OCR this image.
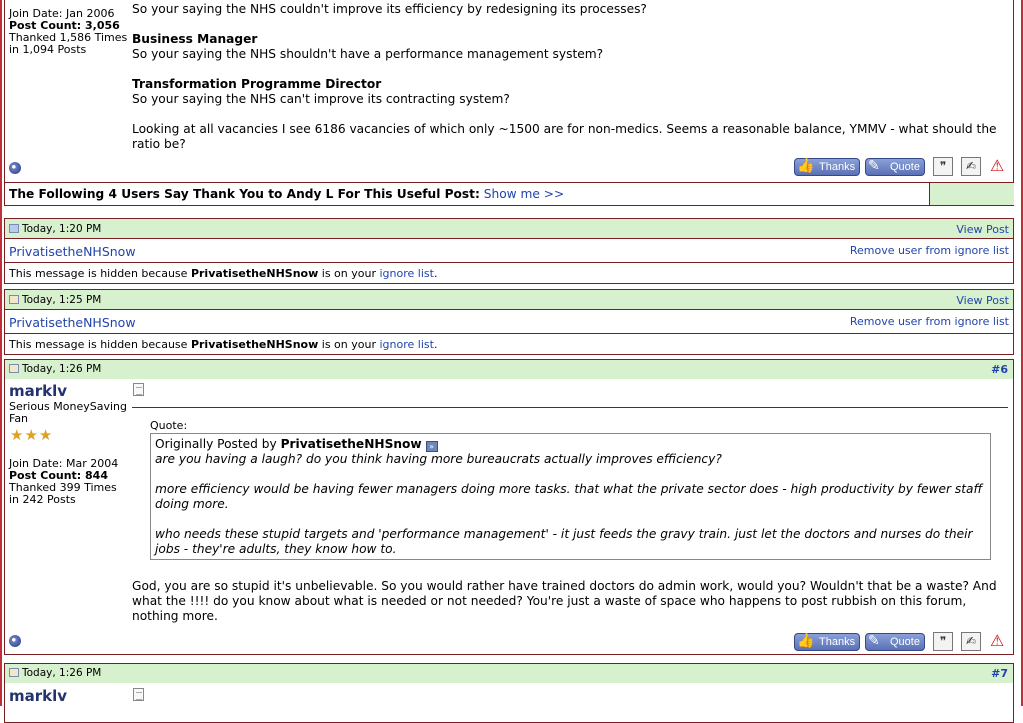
Join Date: Jan 2006
Post Count: 3,056
Thanked 1,586 Times
in 1,094 Posts
So your saying the NHS couldn't improve its efficiency by redesigning its processes?
Business Manager
So your saying the NHS shouldn't have a performance management system?
Transformation Programme Director
So your saying the NHS can't improve its contracting system?
Looking at all vacancies I see 6186 vacancies of which only ~1500 are for non-medics. Seems a reasonable balance, YMMV - what should the ratio be?
👍 Thanks ✎ Quote	❞	✍ ⚠
The Following 4 Users Say Thank You to Andy L For This Useful Post: Show me >>
Today, 1:20 PM	View Post
PrivatisetheNHSnow	Remove user from ignore list
This message is hidden because PrivatisetheNHSnow is on your ignore list.
Today, 1:25 PM	View Post
PrivatisetheNHSnow	Remove user from ignore list
This message is hidden because PrivatisetheNHSnow is on your ignore list.
Today, 1:26 PM	#6
marklv
Serious MoneySaving Fan
★★★
Join Date: Mar 2004
Post Count: 844
Thanked 399 Times
in 242 Posts
Quote:
Originally Posted by PrivatisetheNHSnow »
are you having a laugh? do you think having more bureaucrats actually improves efficiency?
more efficiency would be having fewer managers doing more tasks. that what the private sector does - high productivity by fewer staff doing more.
who needs these stupid targets and 'performance management' - it just feeds the gravy train. just let the doctors and nurses do their jobs - they're adults, they know how to.
God, you are so stupid it's unbelievable. So you would rather have trained doctors do admin work, would you? Wouldn't that be a waste? And what the !!!! do you know about what is needed or not needed? You're just a waste of space who happens to post rubbish on this forum, nothing more.
👍 Thanks ✎ Quote	❞	✍ ⚠
Today, 1:26 PM	#7
marklv
